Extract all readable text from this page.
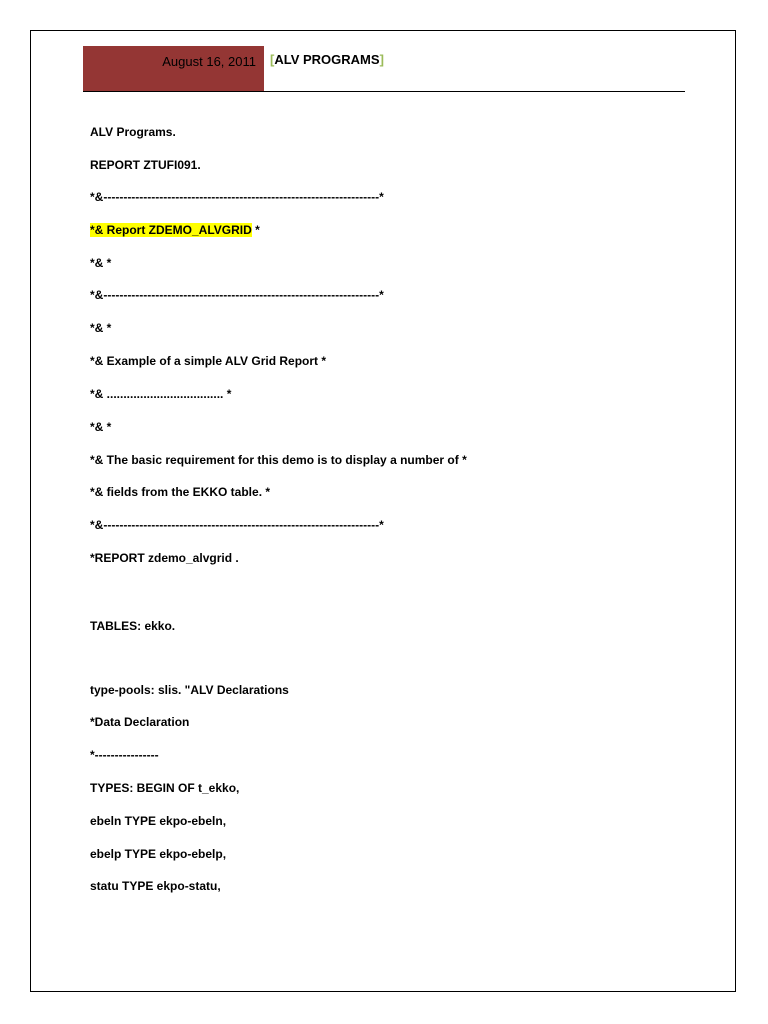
August 16, 2011 [ALV PROGRAMS]
ALV Programs.
REPORT ZTUFI091.
*&---------------------------------------------------------------------*
*& Report ZDEMO_ALVGRID *
*& *
*&---------------------------------------------------------------------*
*& *
*& Example of a simple ALV Grid Report *
*& ................................... *
*& *
*& The basic requirement for this demo is to display a number of *
*& fields from the EKKO table. *
*&---------------------------------------------------------------------*
*REPORT zdemo_alvgrid .
TABLES: ekko.
type-pools: slis. "ALV Declarations
*Data Declaration
*----------------
TYPES: BEGIN OF t_ekko,
ebeln TYPE ekpo-ebeln,
ebelp TYPE ekpo-ebelp,
statu TYPE ekpo-statu,
